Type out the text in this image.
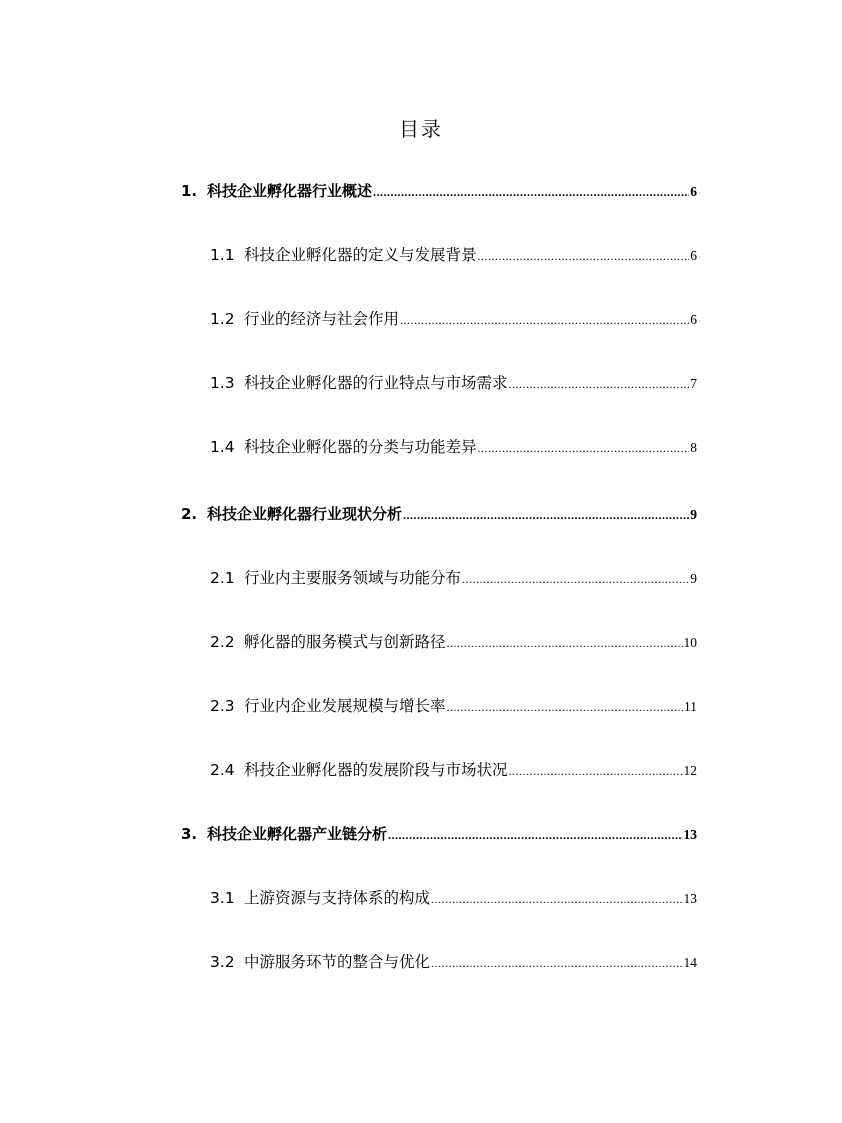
目录
1. 科技企业孵化器行业概述 .....	6
1.1 科技企业孵化器的定义与发展背景 .....	6
1.2 行业的经济与社会作用 .....	6
1.3 科技企业孵化器的行业特点与市场需求 .....	7
1.4 科技企业孵化器的分类与功能差异 .....	8
2. 科技企业孵化器行业现状分析 .....	9
2.1 行业内主要服务领域与功能分布 .....	9
2.2 孵化器的服务模式与创新路径 .....	10
2.3 行业内企业发展规模与增长率 .....	11
2.4 科技企业孵化器的发展阶段与市场状况 .....	12
3. 科技企业孵化器产业链分析 .....	13
3.1 上游资源与支持体系的构成 .....	13
3.2 中游服务环节的整合与优化 .....	14
